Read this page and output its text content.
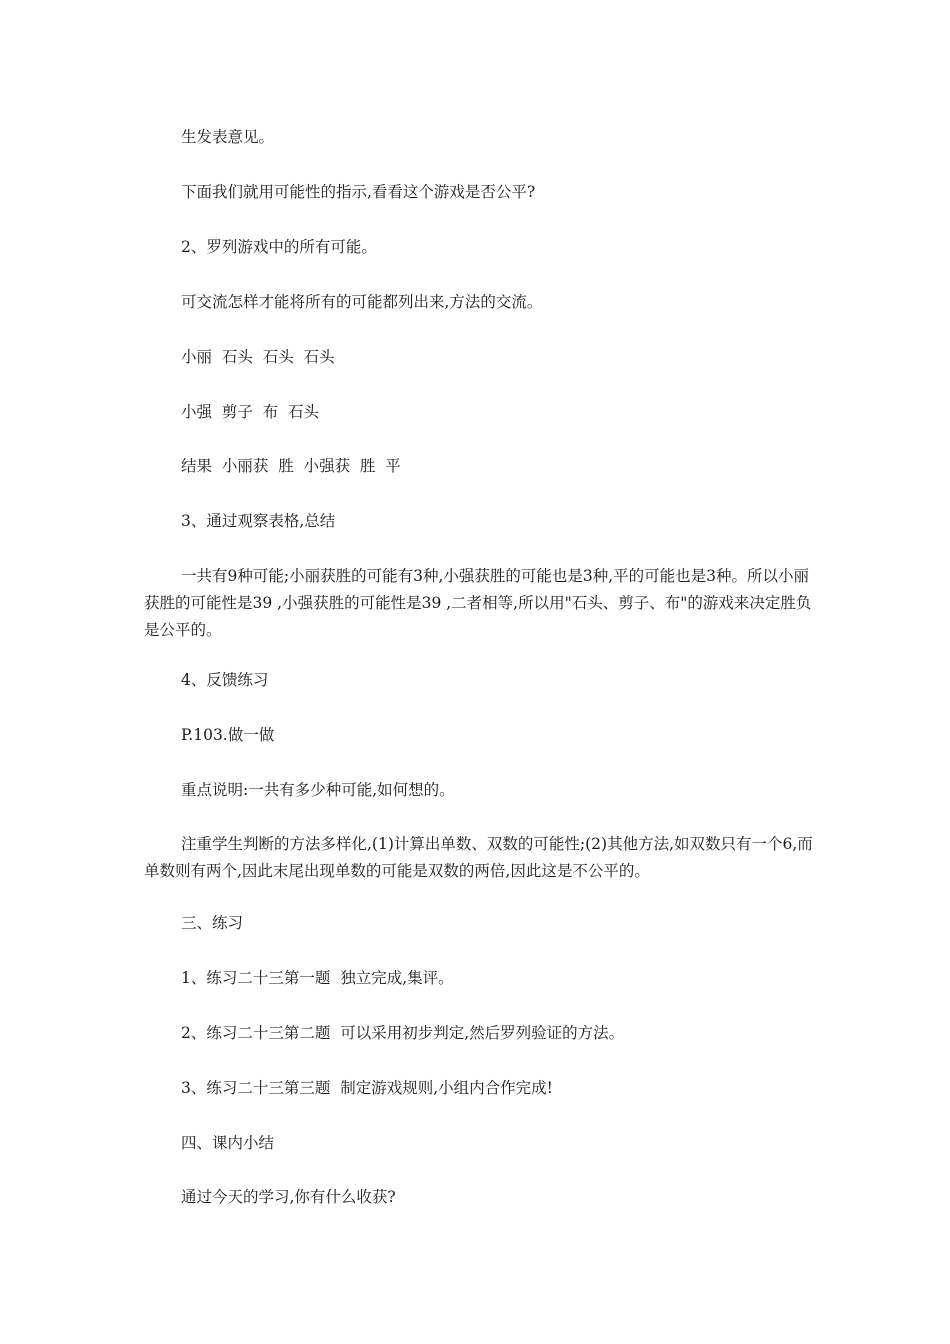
生发表意见。

下面我们就用可能性的指示,看看这个游戏是否公平?

2、罗列游戏中的所有可能。

可交流怎样才能将所有的可能都列出来,方法的交流。

小丽  石头  石头  石头

小强  剪子  布  石头

结果  小丽获  胜  小强获  胜  平

3、通过观察表格,总结

一共有9种可能;小丽获胜的可能有3种,小强获胜的可能也是3种,平的可能也是3种。所以小丽获胜的可能性是39 ,小强获胜的可能性是39 ,二者相等,所以用"石头、剪子、布"的游戏来决定胜负是公平的。

4、反馈练习

P.103.做一做

重点说明:一共有多少种可能,如何想的。

注重学生判断的方法多样化,(1)计算出单数、双数的可能性;(2)其他方法,如双数只有一个6,而单数则有两个,因此末尾出现单数的可能是双数的两倍,因此这是不公平的。

三、练习

1、练习二十三第一题  独立完成,集评。

2、练习二十三第二题  可以采用初步判定,然后罗列验证的方法。

3、练习二十三第三题  制定游戏规则,小组内合作完成!

四、课内小结

通过今天的学习,你有什么收获?
